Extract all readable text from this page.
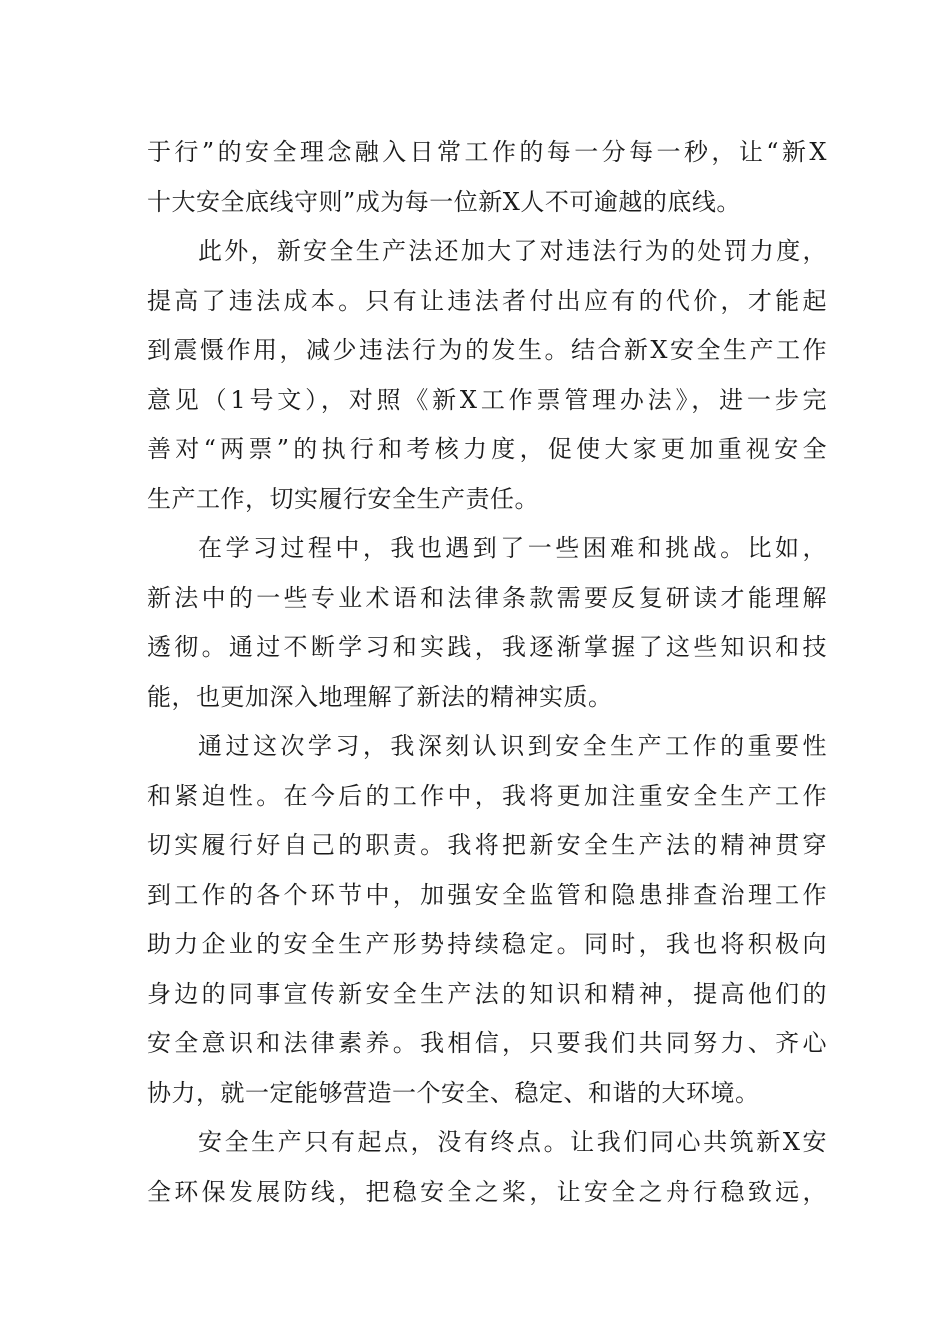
于行”的安全理念融入日常工作的每一分每一秒，让“新X
十大安全底线守则”成为每一位新X人不可逾越的底线。
此外，新安全生产法还加大了对违法行为的处罚力度，
提高了违法成本。只有让违法者付出应有的代价，才能起
到震慑作用，减少违法行为的发生。结合新X安全生产工作
意见（1号文），对照《新X工作票管理办法》，进一步完
善对“两票”的执行和考核力度，促使大家更加重视安全
生产工作，切实履行安全生产责任。
在学习过程中，我也遇到了一些困难和挑战。比如，
新法中的一些专业术语和法律条款需要反复研读才能理解
透彻。通过不断学习和实践，我逐渐掌握了这些知识和技
能，也更加深入地理解了新法的精神实质。
通过这次学习，我深刻认识到安全生产工作的重要性
和紧迫性。在今后的工作中，我将更加注重安全生产工作
切实履行好自己的职责。我将把新安全生产法的精神贯穿
到工作的各个环节中，加强安全监管和隐患排查治理工作
助力企业的安全生产形势持续稳定。同时，我也将积极向
身边的同事宣传新安全生产法的知识和精神，提高他们的
安全意识和法律素养。我相信，只要我们共同努力、齐心
协力，就一定能够营造一个安全、稳定、和谐的大环境。
安全生产只有起点，没有终点。让我们同心共筑新X安
全环保发展防线，把稳安全之桨，让安全之舟行稳致远，
